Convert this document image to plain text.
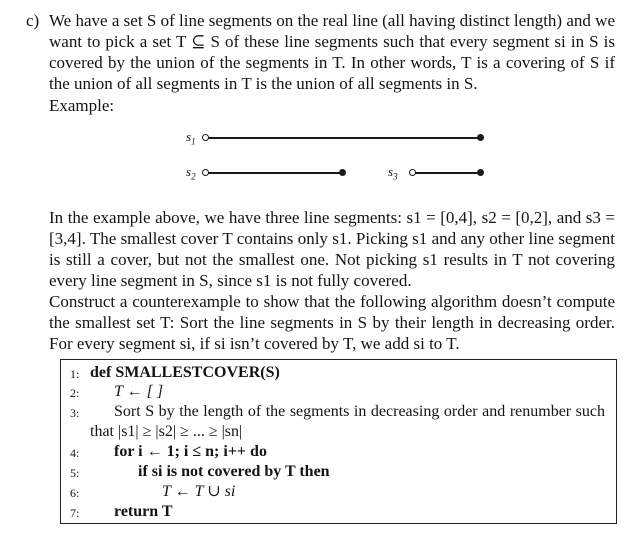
c) We have a set S of line segments on the real line (all having distinct length) and we want to pick a set T ⊆ S of these line segments such that every segment si in S is covered by the union of the segments in T. In other words, T is a covering of S if the union of all segments in T is the union of all segments in S.
Example:
$s_1$
$s_2$	$s_3$
In the example above, we have three line segments: s1 = [0,4], s2 = [0,2], and s3 = [3,4]. The smallest cover T contains only s1. Picking s1 and any other line segment is still a cover, but not the smallest one. Not picking s1 results in T not covering every line segment in S, since s1 is not fully covered.
Construct a counterexample to show that the following algorithm doesn’t compute the smallest set T: Sort the line segments in S by their length in decreasing order. For every segment si, if si isn’t covered by T, we add si to T.
1: def SMALLESTCOVER(S)
2: T ← [ ]
3:	Sort S by the length of the segments in decreasing order and renumber such that |s1| ≥ |s2| ≥ ... ≥ |sn|
4: for i ← 1; i ≤ n; i++ do
5:	if si is not covered by T then
6:	T ← T ∪ si
7: return T
